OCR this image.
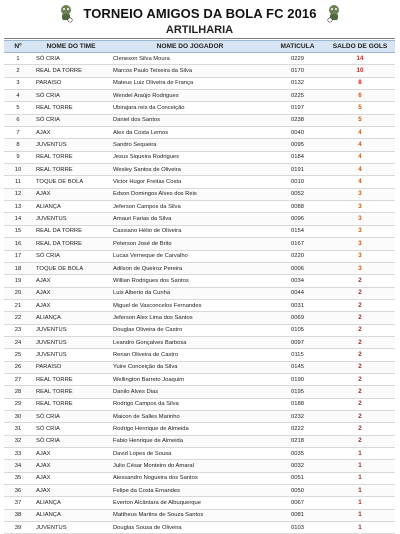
TORNEIO AMIGOS DA BOLA FC 2016
ARTILHARIA
Nº	NOME DO TIME	NOME DO JOGADOR	MATICULA	SALDO DE GOLS
1	SÓ CRIA	Cleneson Silva Moura	0229	14
2	REAL DA TORRE	Marcos Paulo Teixeira da Silva	0170	10
3	PARAISO	Mateus Luiz Oliveira de França	0132	8
4	SÓ CRIA	Wendel Araújo Rodrigues	0225	6
5	REAL TORRE	Ubirajara reis da Conceição	0197	5
6	SÓ CRIA	Daniel dos Santos	0238	5
7	AJAX	Alex da Costa Lemos	0040	4
8	JUVENTUS	Sandro Sequeira	0095	4
9	REAL TORRE	Jesus Siqueira Rodrigues	0184	4
10	REAL TORRE	Wesley Santos de Oliveira	0191	4
11	TOQUE DE BOLA	Victor Hugor Freitas Costa	0010	4
12	AJAX	Edson Domingos Alves dos Reis	0052	3
13	ALIANÇA	Jeferson Campos da Silva	0088	3
14	JUVENTUS	Amauri Farias da Silva	0096	3
15	REAL DA TORRE	Cassiano Hélio de Oliveira	0154	3
16	REAL DA TORRE	Peterson José de Brito	0167	3
17	SÓ CRIA	Lucas Verneque de Carvalho	0220	3
18	TOQUE DE BOLA	Adilson de Queiroz Pereira	0006	3
19	AJAX	Willian Rodrigues dos Santos	0034	2
20	AJAX	Luis Alberto da Cunha	0044	2
21	AJAX	Miguel de Vasconcelos Fernandes	0031	2
22	ALIANÇA	Jeferson Alex Lima dos Santos	0069	2
23	JUVENTUS	Douglas Oliveira de Castro	0105	2
24	JUVENTUS	Leandro Gonçalves Barbosa	0097	2
25	JUVENTUS	Renan Oliveira de Castro	0115	2
26	PARAISO	Yuire Conceição da Silva	0145	2
27	REAL TORRE	Wellington Barreto Joaquim	0190	2
28	REAL TORRE	Danilo Alves Dias	0195	2
29	REAL TORRE	Rodrigo Campos da Silva	0188	2
30	SÓ CRIA	Maicon de Salles Marinho	0232	2
31	SÓ CRIA	Rodrigo Henrique de Almeida	0222	2
32	SÓ CRIA	Fabio Henrique de Almeida	0218	2
33	AJAX	David Lopes de Sousa	0035	1
34	AJAX	Julio César Monteiro do Amaral	0032	1
35	AJAX	Alessandro Nogueira dos Santos	0051	1
36	AJAX	Felipe da Costa Ernandes	0050	1
37	ALIANÇA	Everton Alcântara de Albuquerque	0067	1
38	ALIANÇA	Mattheus Martins de Souza Santos	0081	1
39	JUVENTUS	Douglas Sousa de Oliveira	0103	1
